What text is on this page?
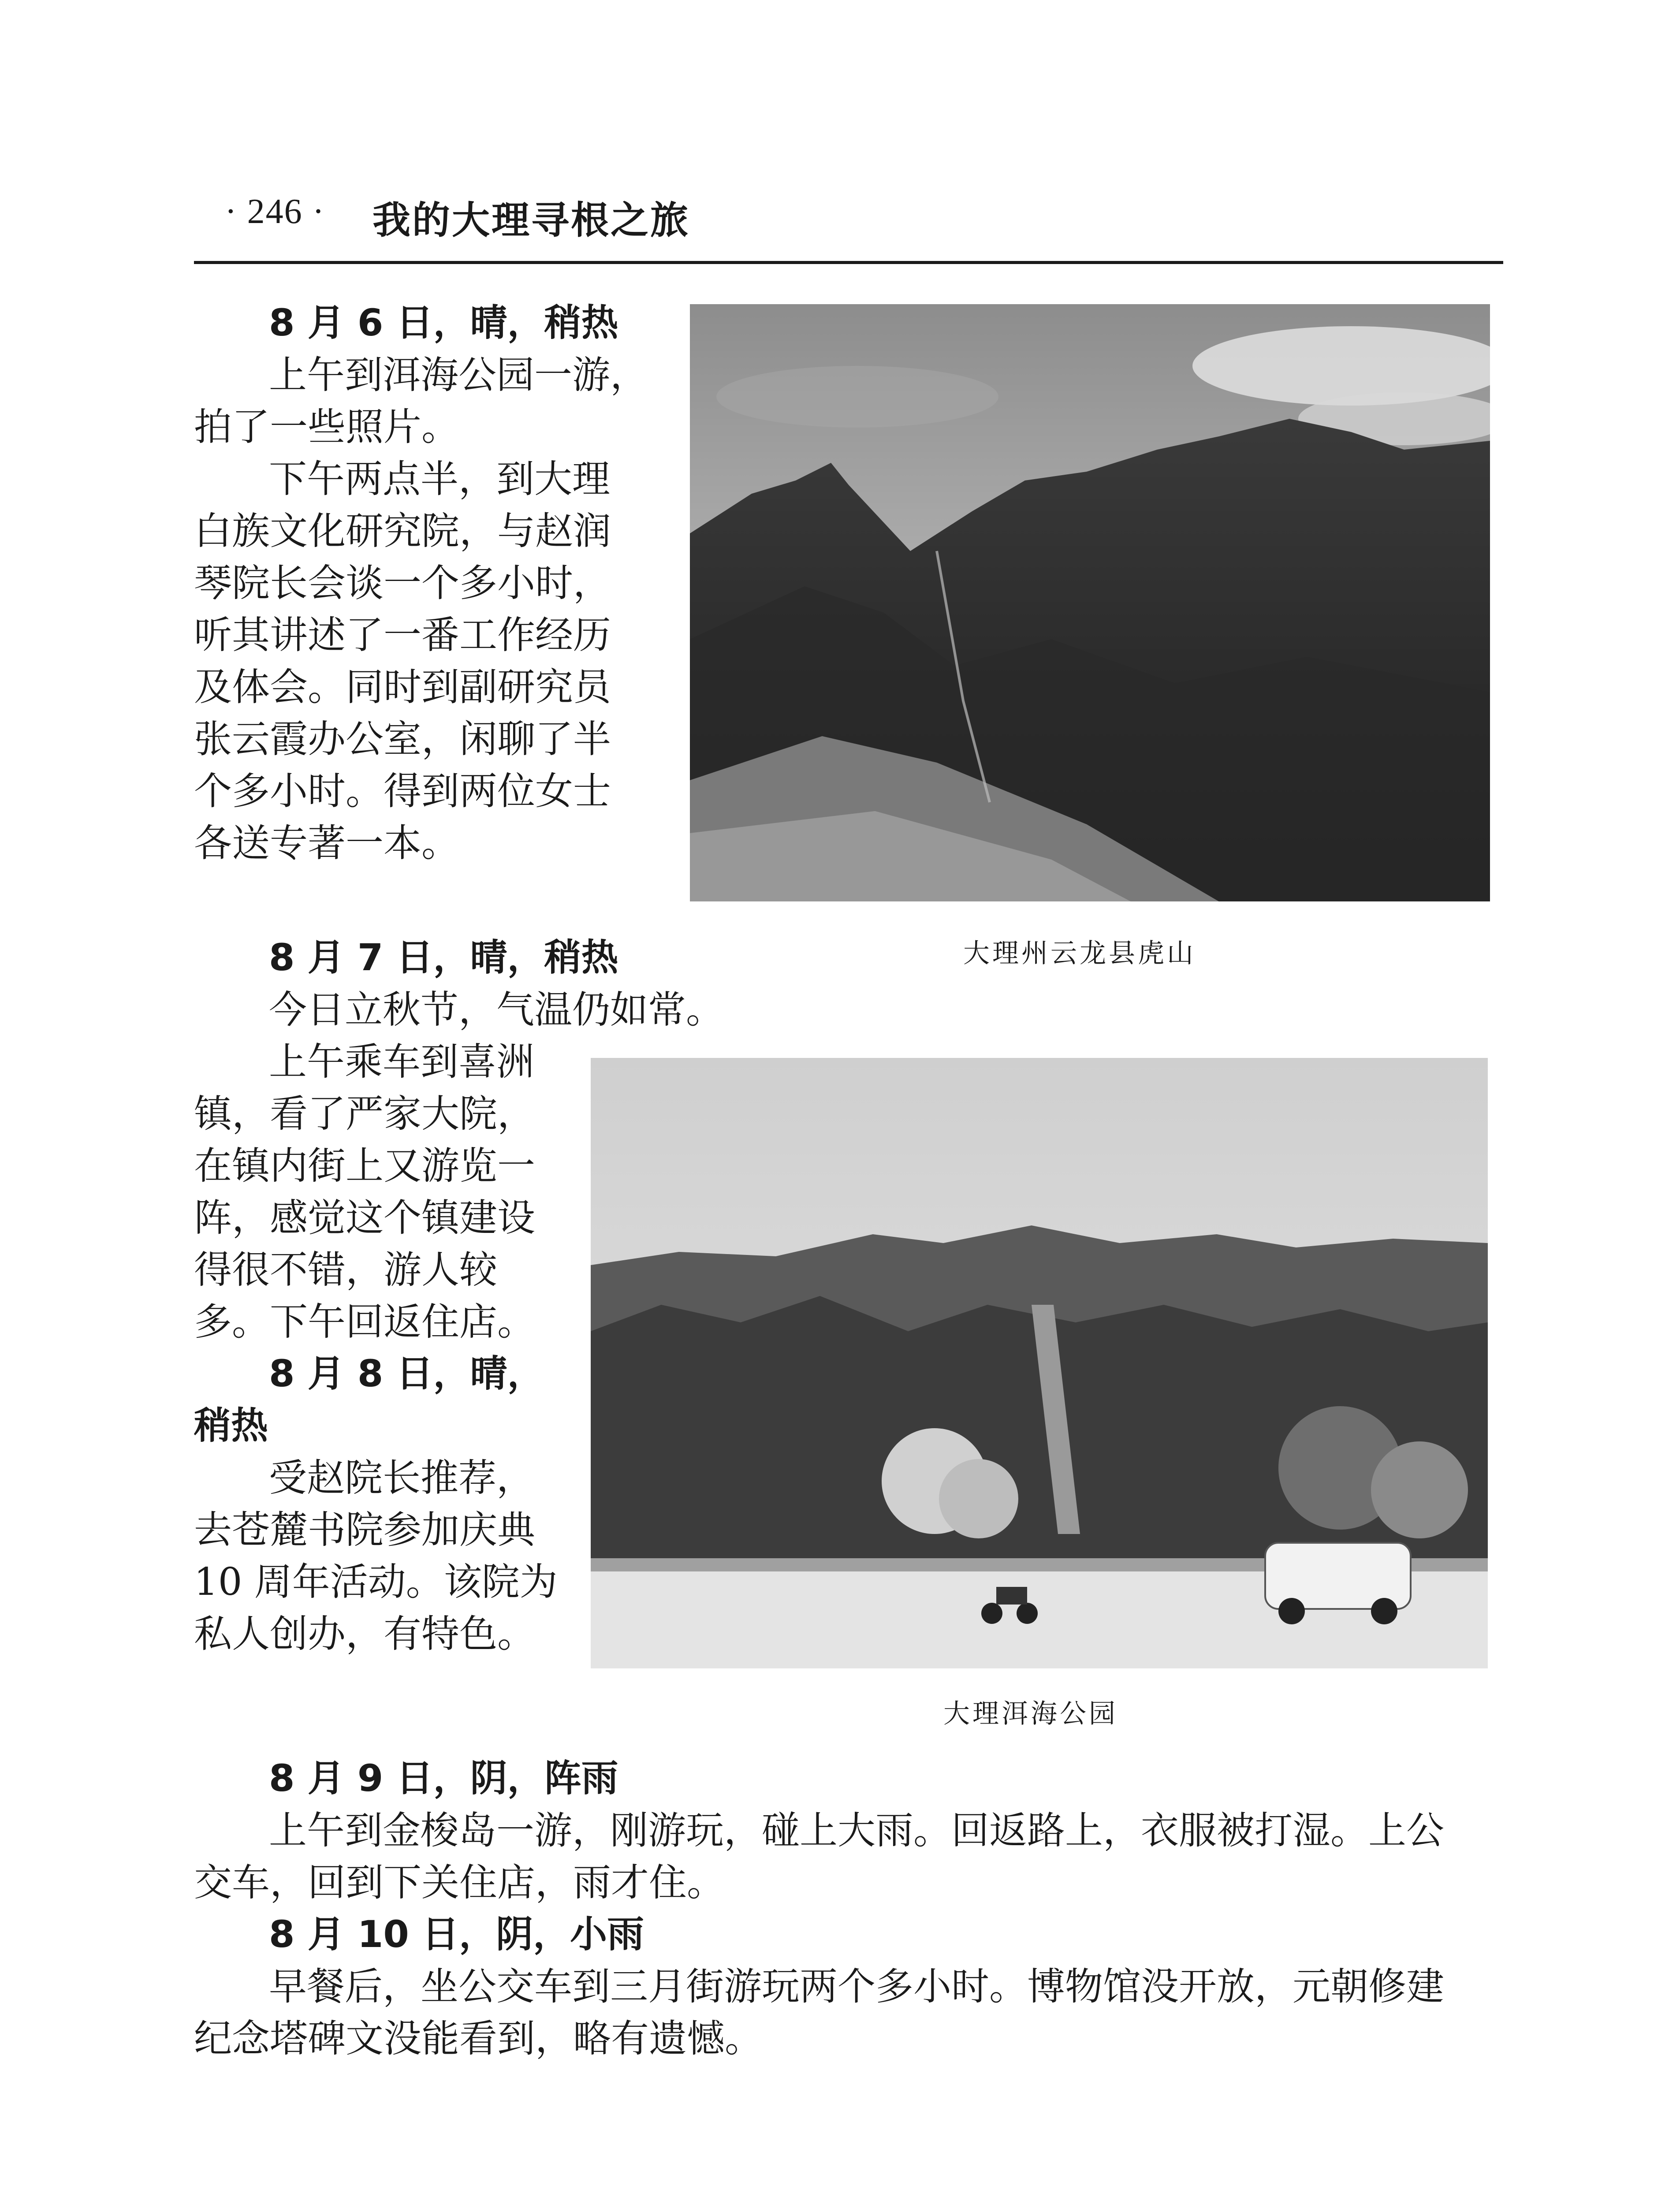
· 246 · 我的大理寻根之旅
8 月 6 日，晴，稍热
上午到洱海公园一游，
拍了一些照片。
下午两点半，到大理
白族文化研究院，与赵润
琴院长会谈一个多小时，
听其讲述了一番工作经历
及体会。同时到副研究员
张云霞办公室，闲聊了半
个多小时。得到两位女士
各送专著一本。
大理州云龙县虎山
8 月 7 日，晴，稍热
今日立秋节，气温仍如常。
上午乘车到喜洲
镇，看了严家大院，
在镇内街上又游览一
阵，感觉这个镇建设
得很不错，游人较
多。下午回返住店。
8 月 8 日，晴，
稍热
受赵院长推荐，
去苍麓书院参加庆典
10 周年活动。该院为
私人创办，有特色。
大理洱海公园
8 月 9 日，阴，阵雨
上午到金梭岛一游，刚游玩，碰上大雨。回返路上，衣服被打湿。上公
交车，回到下关住店，雨才住。
8 月 10 日，阴，小雨
早餐后，坐公交车到三月街游玩两个多小时。博物馆没开放，元朝修建
纪念塔碑文没能看到，略有遗憾。
